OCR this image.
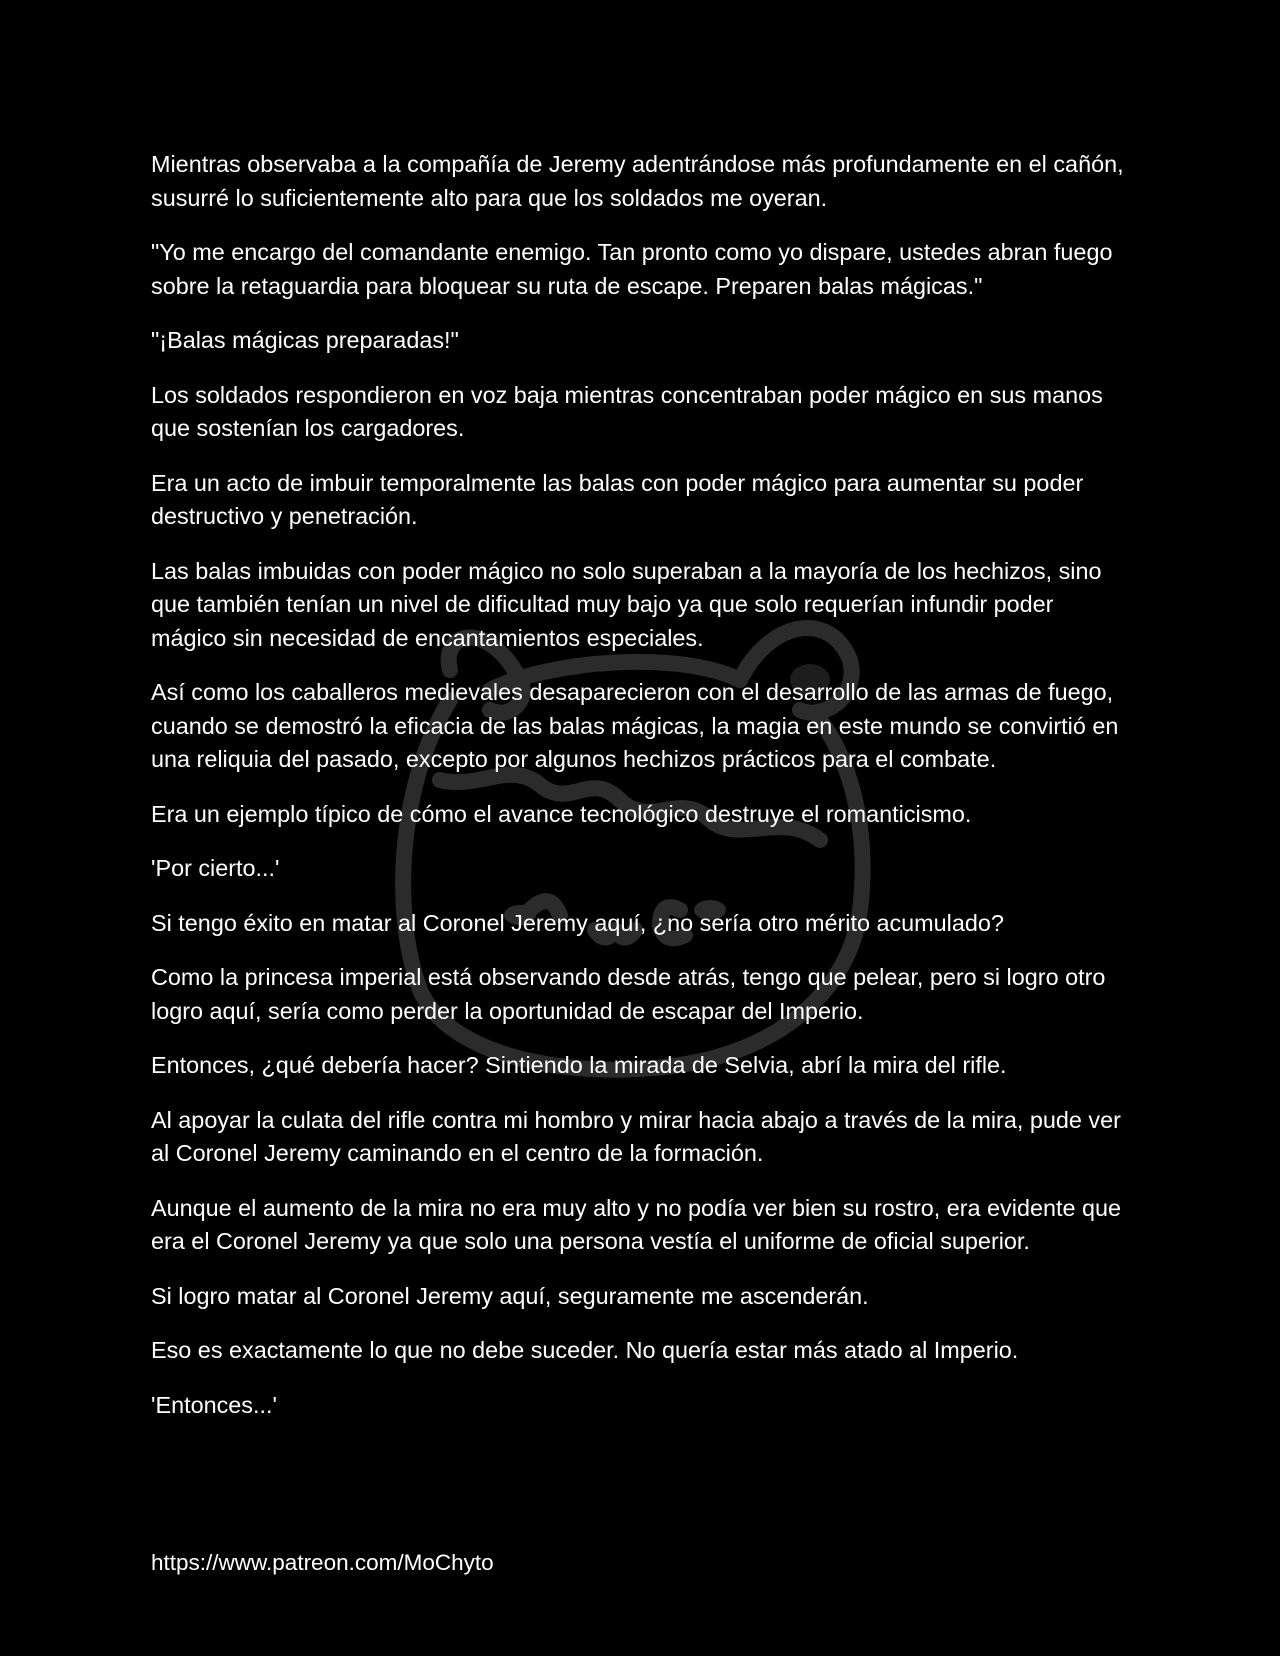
Mientras observaba a la compañía de Jeremy adentrándose más profundamente en el cañón, susurré lo suficientemente alto para que los soldados me oyeran.

"Yo me encargo del comandante enemigo. Tan pronto como yo dispare, ustedes abran fuego sobre la retaguardia para bloquear su ruta de escape. Preparen balas mágicas."

"¡Balas mágicas preparadas!"

Los soldados respondieron en voz baja mientras concentraban poder mágico en sus manos que sostenían los cargadores.

Era un acto de imbuir temporalmente las balas con poder mágico para aumentar su poder destructivo y penetración.

Las balas imbuidas con poder mágico no solo superaban a la mayoría de los hechizos, sino que también tenían un nivel de dificultad muy bajo ya que solo requerían infundir poder mágico sin necesidad de encantamientos especiales.

Así como los caballeros medievales desaparecieron con el desarrollo de las armas de fuego, cuando se demostró la eficacia de las balas mágicas, la magia en este mundo se convirtió en una reliquia del pasado, excepto por algunos hechizos prácticos para el combate.

Era un ejemplo típico de cómo el avance tecnológico destruye el romanticismo.

'Por cierto...'

Si tengo éxito en matar al Coronel Jeremy aquí, ¿no sería otro mérito acumulado?

Como la princesa imperial está observando desde atrás, tengo que pelear, pero si logro otro logro aquí, sería como perder la oportunidad de escapar del Imperio.

Entonces, ¿qué debería hacer? Sintiendo la mirada de Selvia, abrí la mira del rifle.

Al apoyar la culata del rifle contra mi hombro y mirar hacia abajo a través de la mira, pude ver al Coronel Jeremy caminando en el centro de la formación.

Aunque el aumento de la mira no era muy alto y no podía ver bien su rostro, era evidente que era el Coronel Jeremy ya que solo una persona vestía el uniforme de oficial superior.

Si logro matar al Coronel Jeremy aquí, seguramente me ascenderán.

Eso es exactamente lo que no debe suceder. No quería estar más atado al Imperio.

'Entonces...'

https://www.patreon.com/MoChyto
